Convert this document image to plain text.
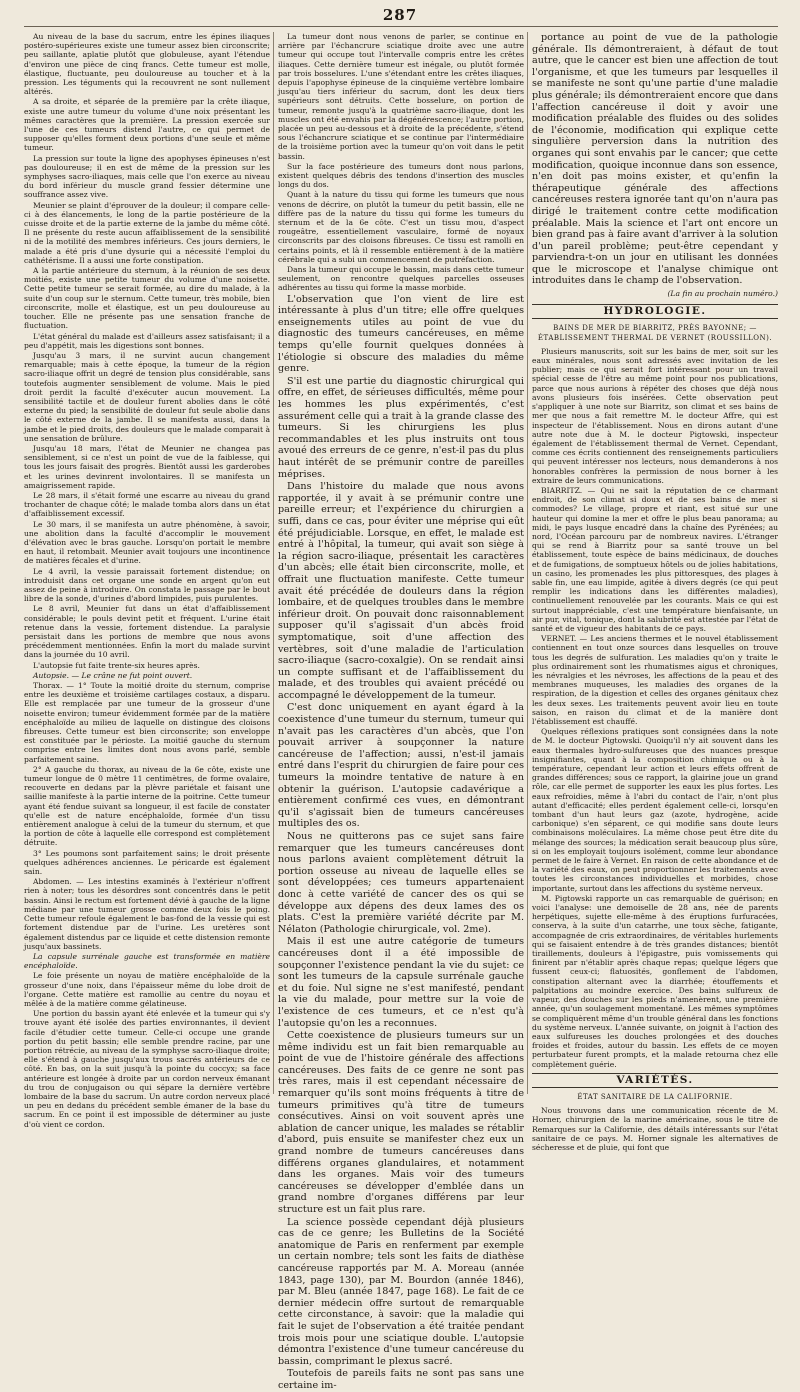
287

Au niveau de la base du sacrum, entre les épines iliaques postéro-supérieures existe une tumeur assez bien circonscrite; peu saillante, aplatie plutôt que globuleuse, ayant l'étendue d'environ une pièce de cinq francs. Cette tumeur est molle, élastique, fluctuante, peu douloureuse au toucher et à la pression. Les téguments qui la recouvrent ne sont nullement altérés.

A sa droite, et séparée de la première par la crête iliaque, existe une autre tumeur du volume d'une noix présentant les mêmes caractères que la première. La pression exercée sur l'une de ces tumeurs distend l'autre, ce qui permet de supposer qu'elles forment deux portions d'une seule et même tumeur.

La pression sur toute la ligne des apophyses épineuses n'est pas douloureuse; il en est de même de la pression sur les symphyses sacro-iliaques, mais celle que l'on exerce au niveau du bord inférieur du muscle grand fessier détermine une souffrance assez vive.

Meunier se plaint d'éprouver de la douleur; il compare celle-ci à des élancements, le long de la partie postérieure de la cuisse droite et de la partie externe de la jambe du même côté. Il ne présente du reste aucun affaiblissement de la sensibilité ni de la motilité des membres inférieurs. Ces jours derniers, le malade a été pris d'une dysurie qui a nécessité l'emploi du cathétérisme. Il a aussi une forte constipation.

A la partie antérieure du sternum, à la réunion de ses deux moitiés, existe une petite tumeur du volume d'une noisette. Cette petite tumeur se serait formée, au dire du malade, à la suite d'un coup sur le sternum. Cette tumeur, très mobile, bien circonscrite, molle et élastique, est un peu douloureuse au toucher. Elle ne présente pas une sensation franche de fluctuation.

L'état général du malade est d'ailleurs assez satisfaisant; il a peu d'appétit, mais les digestions sont bonnes.

Jusqu'au 3 mars, il ne survint aucun changement remarquable; mais à cette époque, la tumeur de la région sacro-iliaque offrit un degré de tension plus considérable, sans toutefois augmenter sensiblement de volume. Mais le pied droit perdit la faculté d'exécuter aucun mouvement. La sensibilité tactile et de douleur furent abolies dans le côté externe du pied; la sensibilité de douleur fut seule abolie dans le côté externe de la jambe. Il se manifesta aussi, dans la jambe et le pied droits, des douleurs que le malade comparait à une sensation de brûlure.

Jusqu'au 18 mars, l'état de Meunier ne changea pas sensiblement, si ce n'est un point de vue de la faiblesse, qui tous les jours faisait des progrès. Bientôt aussi les garderobes et les urines devinrent involontaires. Il se manifesta un amaigrissement rapide.

Le 28 mars, il s'était formé une escarre au niveau du grand trochanter de chaque côté; le malade tomba alors dans un état d'affaiblissement excessif.

Le 30 mars, il se manifesta un autre phénomène, à savoir, une abolition dans la faculté d'accomplir le mouvement d'élévation avec le bras gauche. Lorsqu'on portait le membre en haut, il retombait. Meunier avait toujours une incontinence de matières fécales et d'urine.

Le 4 avril, la vessie paraissait fortement distendue; on introduisit dans cet organe une sonde en argent qu'on eut assez de peine à introduire. On constata le passage par le bout libre de la sonde, d'urines d'abord limpides, puis purulentes.

Le 8 avril, Meunier fut dans un état d'affaiblissement considérable; le pouls devint petit et fréquent. L'urine était retenue dans la vessie, fortement distendue. La paralysie persistait dans les portions de membre que nous avons précédemment mentionnées. Enfin la mort du malade survint dans la journée du 10 avril.

L'autopsie fut faite trente-six heures après.

Autopsie. — Le crâne ne fut point ouvert.

Thorax. — 1° Toute la moitié droite du sternum, comprise entre les deuxième et troisième cartilages costaux, a disparu. Elle est remplacée par une tumeur de la grosseur d'une noisette environ; tumeur évidemment formée par de la matière encéphaloïde au milieu de laquelle on distingue des cloisons fibreuses. Cette tumeur est bien circonscrite; son enveloppe est constituée par le périoste. La moitié gauche du sternum comprise entre les limites dont nous avons parlé, semble parfaitement saine.

2° A gauche du thorax, au niveau de la 6e côte, existe une tumeur longue de 0 mètre 11 centimètres, de forme ovalaire, recouverte en dedans par la plèvre pariétale et faisant une saillie manifeste à la partie interne de la poitrine. Cette tumeur ayant été fendue suivant sa longueur, il est facile de constater qu'elle est de nature encéphaloïde, formée d'un tissu entièrement analogue à celui de la tumeur du sternum, et que la portion de côte à laquelle elle correspond est complètement détruite.

3° Les poumons sont parfaitement sains; le droit présente quelques adhérences anciennes. Le péricarde est également sain.

Abdomen. — Les intestins examinés à l'extérieur n'offrent rien à noter; tous les désordres sont concentrés dans le petit bassin. Ainsi le rectum est fortement dévié à gauche de la ligne médiane par une tumeur grosse comme deux fois le poing. Cette tumeur refoule également le bas-fond de la vessie qui est fortement distendue par de l'urine. Les uretères sont également distendus par ce liquide et cette distension remonte jusqu'aux bassinets.

La capsule surrénale gauche est transformée en matière encéphaloïde.

Le foie présente un noyau de matière encéphaloïde de la grosseur d'une noix, dans l'épaisseur même du lobe droit de l'organe. Cette matière est ramollie au centre du noyau et mêlée à de la matière comme gélatineuse.

Une portion du bassin ayant été enlevée et la tumeur qui s'y trouve ayant été isolée des parties environnantes, il devient facile d'étudier cette tumeur. Celle-ci occupe une grande portion du petit bassin; elle semble prendre racine, par une portion rétrécie, au niveau de la symphyse sacro-iliaque droite; elle s'étend à gauche jusqu'aux trous sacrés antérieurs de ce côté. En bas, on la suit jusqu'à la pointe du coccyx; sa face antérieure est longée à droite par un cordon nerveux émanant du trou de conjugaison ou qui sépare la dernière vertèbre lombaire de la base du sacrum. Un autre cordon nerveux placé un peu en dedans du précédent semble émaner de la base du sacrum. En ce point il est impossible de déterminer au juste d'où vient ce cordon.

La tumeur dont nous venons de parler, se continue en arrière par l'échancrure sciatique droite avec une autre tumeur qui occupe tout l'intervalle compris entre les crêtes iliaques. Cette dernière tumeur est inégale, ou plutôt formée par trois bosselures. L'une s'étendant entre les crêtes iliaques, depuis l'apophyse épineuse de la cinquième vertèbre lombaire jusqu'au tiers inférieur du sacrum, dont les deux tiers supérieurs sont détruits. Cette bosselure, on portion de tumeur, remonte jusqu'à la quatrième sacro-iliaque, dont les muscles ont été envahis par la dégénérescence; l'autre portion, placée un peu au-dessous et à droite de la précédente, s'étend sous l'échancrure sciatique et se continue par l'intermédiaire de la troisième portion avec la tumeur qu'on voit dans le petit bassin.

Sur la face postérieure des tumeurs dont nous parlons, existent quelques débris des tendons d'insertion des muscles longs du dos.

Quant à la nature du tissu qui forme les tumeurs que nous venons de décrire, on plutôt la tumeur du petit bassin, elle ne diffère pas de la nature du tissu qui forme les tumeurs du sternum et de la 6e côte. C'est un tissu mou, d'aspect rougeâtre, essentiellement vasculaire, formé de noyaux circonscrits par des cloisons fibreuses. Ce tissu est ramolli en certains points, et là il ressemble entièrement à de la matière cérébrale qui a subi un commencement de putréfaction.

Dans la tumeur qui occupe le bassin, mais dans cette tumeur seulement, on rencontre quelques parcelles osseuses adhérentes au tissu qui forme la masse morbide.

L'observation que l'on vient de lire est intéressante à plus d'un titre; elle offre quelques enseignements utiles au point de vue du diagnostic des tumeurs cancéreuses, en même temps qu'elle fournit quelques données à l'étiologie si obscure des maladies du même genre.

S'il est une partie du diagnostic chirurgical qui offre, en effet, de sérieuses difficultés, même pour les hommes les plus expérimentés, c'est assurément celle qui a trait à la grande classe des tumeurs. Si les chirurgiens les plus recommandables et les plus instruits ont tous avoué des erreurs de ce genre, n'est-il pas du plus haut intérêt de se prémunir contre de pareilles méprises.

Dans l'histoire du malade que nous avons rapportée, il y avait à se prémunir contre une pareille erreur; et l'expérience du chirurgien a suffi, dans ce cas, pour éviter une méprise qui eût été préjudiciable. Lorsque, en effet, le malade est entré à l'hôpital, la tumeur, qui avait son siège à la région sacro-iliaque, présentait les caractères d'un abcès; elle était bien circonscrite, molle, et offrait une fluctuation manifeste. Cette tumeur avait été précédée de douleurs dans la région lombaire, et de quelques troubles dans le membre inférieur droit. On pouvait donc raisonnablement supposer qu'il s'agissait d'un abcès froid symptomatique, soit d'une affection des vertèbres, soit d'une maladie de l'articulation sacro-iliaque (sacro-coxalgie). On se rendait ainsi un compte suffisant et de l'affaiblissement du malade, et des troubles qui avaient précédé ou accompagné le développement de la tumeur.

C'est donc uniquement en ayant égard à la coexistence d'une tumeur du sternum, tumeur qui n'avait pas les caractères d'un abcès, que l'on pouvait arriver à soupçonner la nature cancéreuse de l'affection; aussi, n'est-il jamais entré dans l'esprit du chirurgien de faire pour ces tumeurs la moindre tentative de nature à en obtenir la guérison. L'autopsie cadavérique a entièrement confirmé ces vues, en démontrant qu'il s'agissait bien de tumeurs cancéreuses multiples des os.

Nous ne quitterons pas ce sujet sans faire remarquer que les tumeurs cancéreuses dont nous parlons avaient complètement détruit la portion osseuse au niveau de laquelle elles se sont développées; ces tumeurs appartenaient donc à cette variété de cancer des os qui se développe aux dépens des deux lames des os plats. C'est la première variété décrite par M. Nélaton (Pathologie chirurgicale, vol. 2me).

Mais il est une autre catégorie de tumeurs cancéreuses dont il a été impossible de soupçonner l'existence pendant la vie du sujet: ce sont les tumeurs de la capsule surrénale gauche et du foie. Nul signe ne s'est manifesté, pendant la vie du malade, pour mettre sur la voie de l'existence de ces tumeurs, et ce n'est qu'à l'autopsie qu'on les a reconnues.

Cette coexistence de plusieurs tumeurs sur un même individu est un fait bien remarquable au point de vue de l'histoire générale des affections cancéreuses. Des faits de ce genre ne sont pas très rares, mais il est cependant nécessaire de remarquer qu'ils sont moins fréquents à titre de tumeurs primitives qu'à titre de tumeurs consécutives. Ainsi on voit souvent après une ablation de cancer unique, les malades se rétablir d'abord, puis ensuite se manifester chez eux un grand nombre de tumeurs cancéreuses dans différens organes glandulaires, et notamment dans les organes. Mais voir des tumeurs cancéreuses se développer d'emblée dans un grand nombre d'organes différens par leur structure est un fait plus rare.

La science possède cependant déjà plusieurs cas de ce genre; les Bulletins de la Société anatomique de Paris en renferment par exemple un certain nombre; tels sont les faits de diathèse cancéreuse rapportés par M. A. Moreau (année 1843, page 130), par M. Bourdon (année 1846), par M. Bleu (année 1847, page 168). Le fait de ce dernier médecin offre surtout de remarquable cette circonstance, à savoir: que la maladie qui fait le sujet de l'observation a été traitée pendant trois mois pour une sciatique double. L'autopsie démontra l'existence d'une tumeur cancéreuse du bassin, comprimant le plexus sacré.

Toutefois de pareils faits ne sont pas sans une certaine im-

portance au point de vue de la pathologie générale. Ils démontreraient, à défaut de tout autre, que le cancer est bien une affection de tout l'organisme, et que les tumeurs par lesquelles il se manifeste ne sont qu'une partie d'une maladie plus générale; ils démontreraient encore que dans l'affection cancéreuse il doit y avoir une modification préalable des fluides ou des solides de l'économie, modification qui explique cette singulière perversion dans la nutrition des organes qui sont envahis par le cancer; que cette modification, quoique inconnue dans son essence, n'en doit pas moins exister, et qu'enfin la thérapeutique générale des affections cancéreuses restera ignorée tant qu'on n'aura pas dirigé le traitement contre cette modification préalable. Mais la science et l'art ont encore un bien grand pas à faire avant d'arriver à la solution d'un pareil problème; peut-être cependant y parviendra-t-on un jour en utilisant les données que le microscope et l'analyse chimique ont introduites dans le champ de l'observation.

(La fin au prochain numéro.)

HYDROLOGIE.

BAINS DE MER DE BIARRITZ, PRÈS BAYONNE; — ÉTABLISSEMENT THERMAL DE VERNET (ROUSSILLON).

Plusieurs manuscrits, soit sur les bains de mer, soit sur les eaux minérales, nous sont adressés avec invitation de les publier; mais ce qui serait fort intéressant pour un travail spécial cesse de l'être au même point pour nos publications, parce que nous aurions à répéter des choses que déjà nous avons plusieurs fois insérées. Cette observation peut s'appliquer à une note sur Biarritz, son climat et ses bains de mer que nous a fait remettre M. le docteur Affre, qui est inspecteur de l'établissement. Nous en dirons autant d'une autre note due à M. le docteur Pigtowski, inspecteur également de l'établissement thermal de Vernet. Cependant, comme ces écrits contiennent des renseignements particuliers qui peuvent intéresser nos lecteurs, nous demanderons à nos honorables confrères la permission de nous borner à les extraire de leurs communications.

BIARRITZ. — Qui ne sait la réputation de ce charmant endroit, de son climat si doux et de ses bains de mer si commodes? Le village, propre et riant, est situé sur une hauteur qui domine la mer et offre le plus beau panorama; au midi, le pays lusque encadré dans la chaîne des Pyrénées; au nord, l'Océan parcouru par de nombreux navires. L'étranger qui se rend à Biarritz pour sa santé trouve un bel établissement, toute espèce de bains médicinaux, de douches et de fumigations, de somptueux hôtels ou de jolies habitations, un casino, les promenades les plus pittoresques, des plages à sable fin, une eau limpide, agitée à divers degrés (ce qui peut remplir les indications dans les différentes maladies), continuellement renouvelée par les courants. Mais ce qui est surtout inappréciable, c'est une température bienfaisante, un air pur, vital, tonique, dont la salubrité est attestée par l'état de santé et de vigueur des habitants de ce pays.

VERNET. — Les anciens thermes et le nouvel établissement contiennent en tout onze sources dans lesquelles on trouve tous les degrés de sulfuration. Les maladies qu'on y traite le plus ordinairement sont les rhumatismes aigus et chroniques, les névralgies et les névroses, les affections de la peau et des membranes muqueuses, les maladies des organes de la respiration, de la digestion et celles des organes génitaux chez les deux sexes. Les traitements peuvent avoir lieu en toute saison, en raison du climat et de la manière dont l'établissement est chauffé.

Quelques réflexions pratiques sont consignées dans la note de M. le docteur Pigtowski. Quoiqu'il n'y ait souvent dans les eaux thermales hydro-sulfureuses que des nuances presque insignifiantes, quant à la composition chimique ou à la température, cependant leur action et leurs effets offrent de grandes différences; sous ce rapport, la glairine joue un grand rôle, car elle permet de supporter les eaux les plus fortes. Les eaux refroidies, même à l'abri du contact de l'air, n'ont plus autant d'efficacité; elles perdent également celle-ci, lorsqu'en tombant d'un haut leurs gaz (azote, hydrogène, acide carbonique) s'en séparent, ce qui modifie sans doute leurs combinaisons moléculaires. La même chose peut être dite du mélange des sources; la médication serait beaucoup plus sûre, si on les employait toujours isolément, comme leur abondance permet de le faire à Vernet. En raison de cette abondance et de la variété des eaux, on peut proportionner les traitements avec toutes les circonstances individuelles et morbides, chose importante, surtout dans les affections du système nerveux.

M. Pigtowski rapporte un cas remarquable de guérison; en voici l'analyse: une demoiselle de 28 ans, née de parents herpétiques, sujette elle-même à des éruptions furfuracées, conserva, à la suite d'un catarrhe, une toux sèche, fatigante, accompagnée de cris extraordinaires, de véritables hurlements qui se faisaient entendre à de très grandes distances; bientôt tiraillements, douleurs à l'épigastre, puis vomissements qui finirent par n'établir après chaque repas; quelque légers que fussent ceux-ci; flatuosités, gonflement de l'abdomen, constipation alternant avec la diarrhée; étouffements et palpitations au moindre exercice. Des bains sulfureux de vapeur, des douches sur les pieds n'amenèrent, une première année, qu'un soulagement momentané. Les mêmes symptômes se compliquèrent même d'un trouble général dans les fonctions du système nerveux. L'année suivante, on joignit à l'action des eaux sulfureuses les douches prolongées et des douches froides et froides, autour du bassin. Les effets de ce moyen perturbateur furent prompts, et la malade retourna chez elle complètement guérie.

VARIÉTÉS.

ÉTAT SANITAIRE DE LA CALIFORNIE.

Nous trouvons dans une communication récente de M. Horner, chirurgien de la marine américaine, sous le titre de Remarques sur la Californie, des détails intéressants sur l'état sanitaire de ce pays. M. Horner signale les alternatives de sécheresse et de pluie, qui font que
